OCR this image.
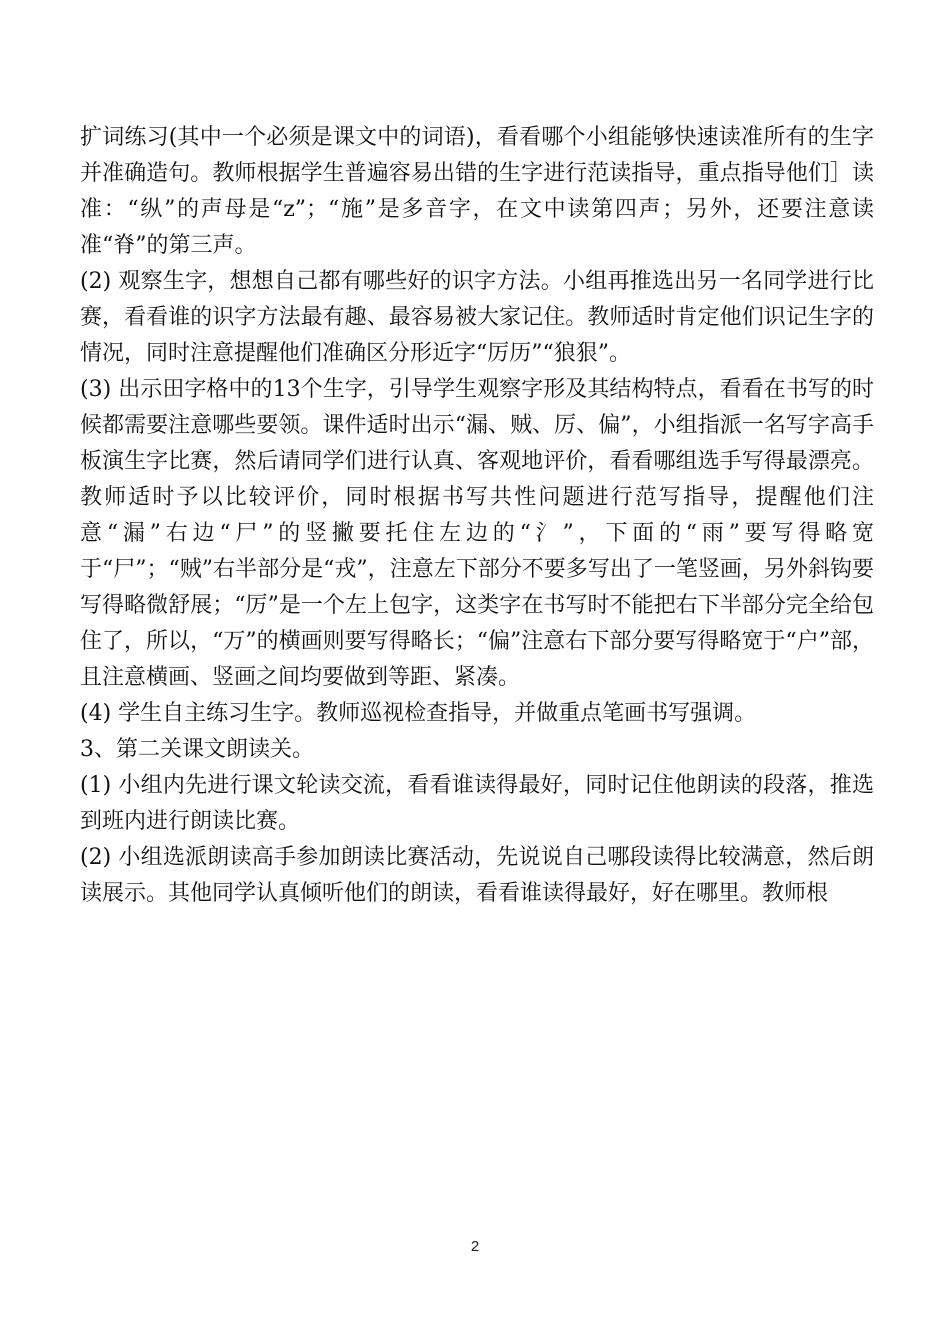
扩词练习(其中一个必须是课文中的词语)，看看哪个小组能够快速读准所有的生字并准确造句。教师根据学生普遍容易出错的生字进行范读指导，重点指导他们］读准：“纵”的声母是“z”；“施”是多音字，在文中读第四声；另外，还要注意读准“脊”的第三声。

(2) 观察生字，想想自己都有哪些好的识字方法。小组再推选出另一名同学进行比赛，看看谁的识字方法最有趣、最容易被大家记住。教师适时肯定他们识记生字的情况，同时注意提醒他们准确区分形近字“厉历”“狼狠”。

(3) 出示田字格中的13个生字，引导学生观察字形及其结构特点，看看在书写的时候都需要注意哪些要领。课件适时出示“漏、贼、厉、偏”，小组指派一名写字高手板演生字比赛，然后请同学们进行认真、客观地评价，看看哪组选手写得最漂亮。教师适时予以比较评价，同时根据书写共性问题进行范写指导，提醒他们注意“漏”右边“尸”的竖撇要托住左边的“氵”，下面的“雨”要写得略宽于“尸”；“贼”右半部分是“戎”，注意左下部分不要多写出了一笔竖画，另外斜钩要写得略微舒展；“厉”是一个左上包字，这类字在书写时不能把右下半部分完全给包住了，所以，“万”的横画则要写得略长；“偏”注意右下部分要写得略宽于“户”部，且注意横画、竖画之间均要做到等距、紧凑。

(4) 学生自主练习生字。教师巡视检查指导，并做重点笔画书写强调。

3、第二关课文朗读关。

(1) 小组内先进行课文轮读交流，看看谁读得最好，同时记住他朗读的段落，推选到班内进行朗读比赛。

(2) 小组选派朗读高手参加朗读比赛活动，先说说自己哪段读得比较满意，然后朗读展示。其他同学认真倾听他们的朗读，看看谁读得最好，好在哪里。教师根

2
